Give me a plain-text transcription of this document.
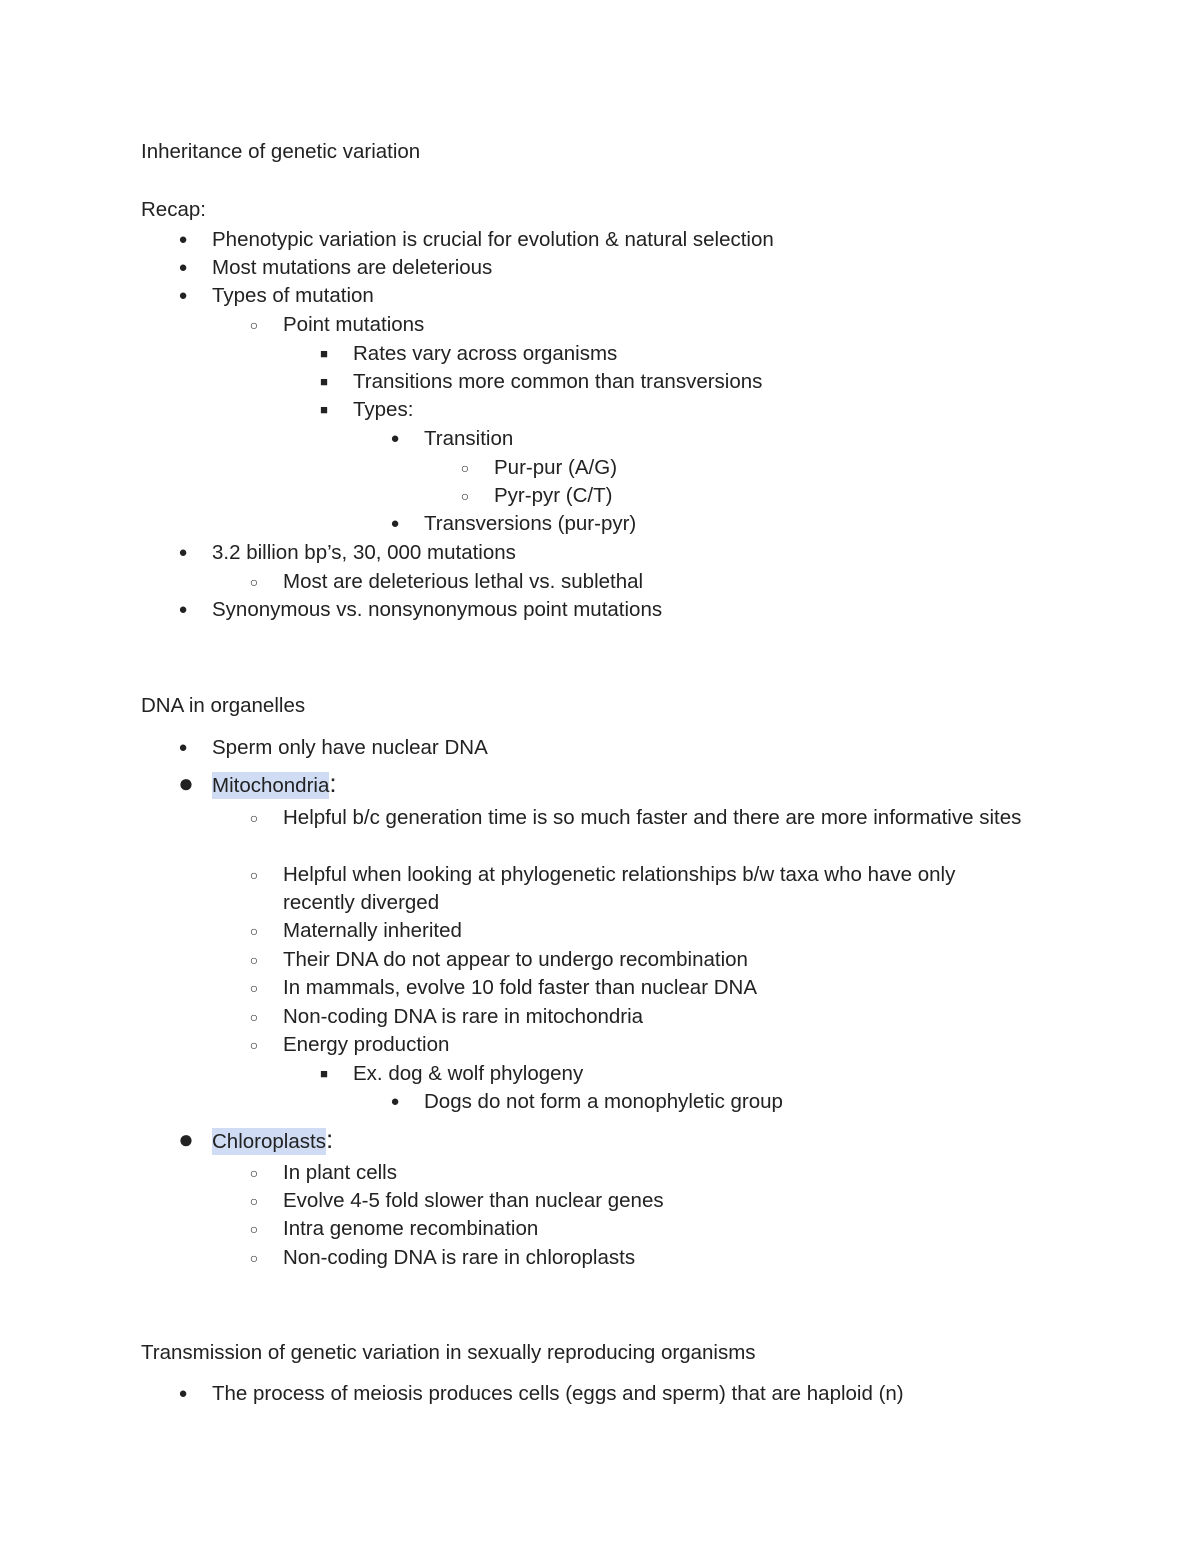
Inheritance of genetic variation
Recap:
● Phenotypic variation is crucial for evolution & natural selection
● Most mutations are deleterious
● Types of mutation
○ Point mutations
■ Rates vary across organisms
■ Transitions more common than transversions
■ Types:
● Transition
○ Pur-pur (A/G)
○ Pyr-pyr (C/T)
● Transversions (pur-pyr)
● 3.2 billion bp’s, 30, 000 mutations
○ Most are deleterious lethal vs. sublethal
● Synonymous vs. nonsynonymous point mutations
DNA in organelles
● Sperm only have nuclear DNA
● Mitochondria:
○ Helpful b/c generation time is so much faster and there are more informative sites
○ Helpful when looking at phylogenetic relationships b/w taxa who have only recently diverged
○ Maternally inherited
○ Their DNA do not appear to undergo recombination
○ In mammals, evolve 10 fold faster than nuclear DNA
○ Non-coding DNA is rare in mitochondria
○ Energy production
■ Ex. dog & wolf phylogeny
● Dogs do not form a monophyletic group
● Chloroplasts:
○ In plant cells
○ Evolve 4-5 fold slower than nuclear genes
○ Intra genome recombination
○ Non-coding DNA is rare in chloroplasts
Transmission of genetic variation in sexually reproducing organisms
● The process of meiosis produces cells (eggs and sperm) that are haploid (n)
